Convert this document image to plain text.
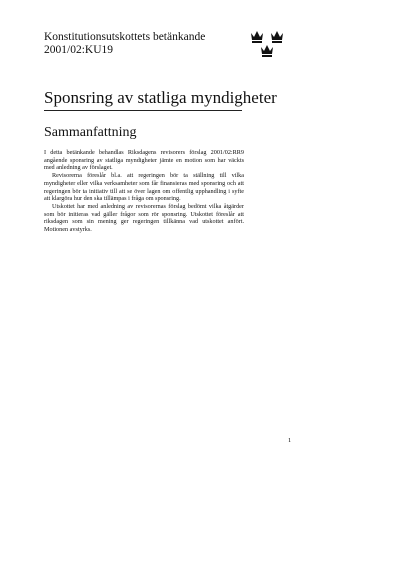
Konstitutionsutskottets betänkande
2001/02:KU19
Sponsring av statliga myndigheter
Sammanfattning

I detta betänkande behandlas Riksdagens revisorers förslag 2001/02:RR9 angående sponsring av statliga myndigheter jämte en motion som har väckts med anledning av förslaget.

Revisorerna föreslår bl.a. att regeringen bör ta ställning till vilka myndigheter eller vilka verksamheter som får finansieras med sponsring och att regeringen bör ta initiativ till att se över lagen om offentlig upphandling i syfte att klargöra hur den ska tillämpas i fråga om sponsring.

Utskottet har med anledning av revisorernas förslag bedömt vilka åtgärder som bör initieras vad gäller frågor som rör sponsring. Utskottet föreslår att riksdagen som sin mening ger regeringen tillkänna vad utskottet anfört. Motionen avstyrks.

1
